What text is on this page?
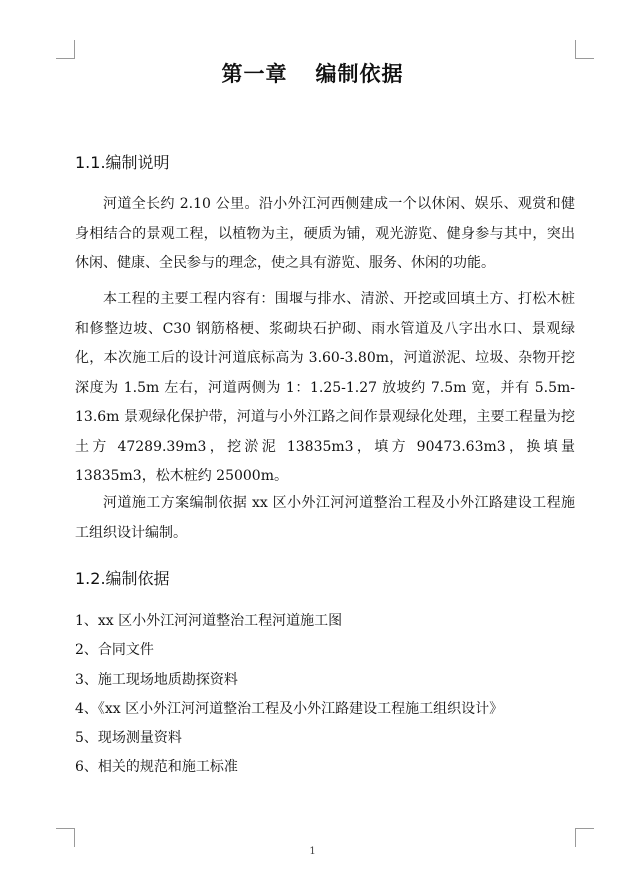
第一章 编制依据
1.1.编制说明

河道全长约 2.10 公里。沿小外江河西侧建成一个以休闲、娱乐、观赏和健身相结合的景观工程，以植物为主，硬质为铺，观光游览、健身参与其中，突出休闲、健康、全民参与的理念，使之具有游览、服务、休闲的功能。

本工程的主要工程内容有：围堰与排水、清淤、开挖或回填土方、打松木桩和修整边坡、C30 钢筋格梗、浆砌块石护砌、雨水管道及八字出水口、景观绿化，本次施工后的设计河道底标高为 3.60-3.80m，河道淤泥、垃圾、杂物开挖深度为 1.5m 左右，河道两侧为 1：1.25-1.27 放坡约 7.5m 宽，并有 5.5m-13.6m 景观绿化保护带，河道与小外江路之间作景观绿化处理，主要工程量为挖土方 47289.39m3，挖淤泥 13835m3，填方 90473.63m3，换填量 13835m3，松木桩约 25000m。

河道施工方案编制依据 xx 区小外江河河道整治工程及小外江路建设工程施工组织设计编制。

1.2.编制依据
1、xx 区小外江河河道整治工程河道施工图
2、合同文件
3、施工现场地质勘探资料
4、《xx 区小外江河河道整治工程及小外江路建设工程施工组织设计》
5、现场测量资料
6、相关的规范和施工标准
1
